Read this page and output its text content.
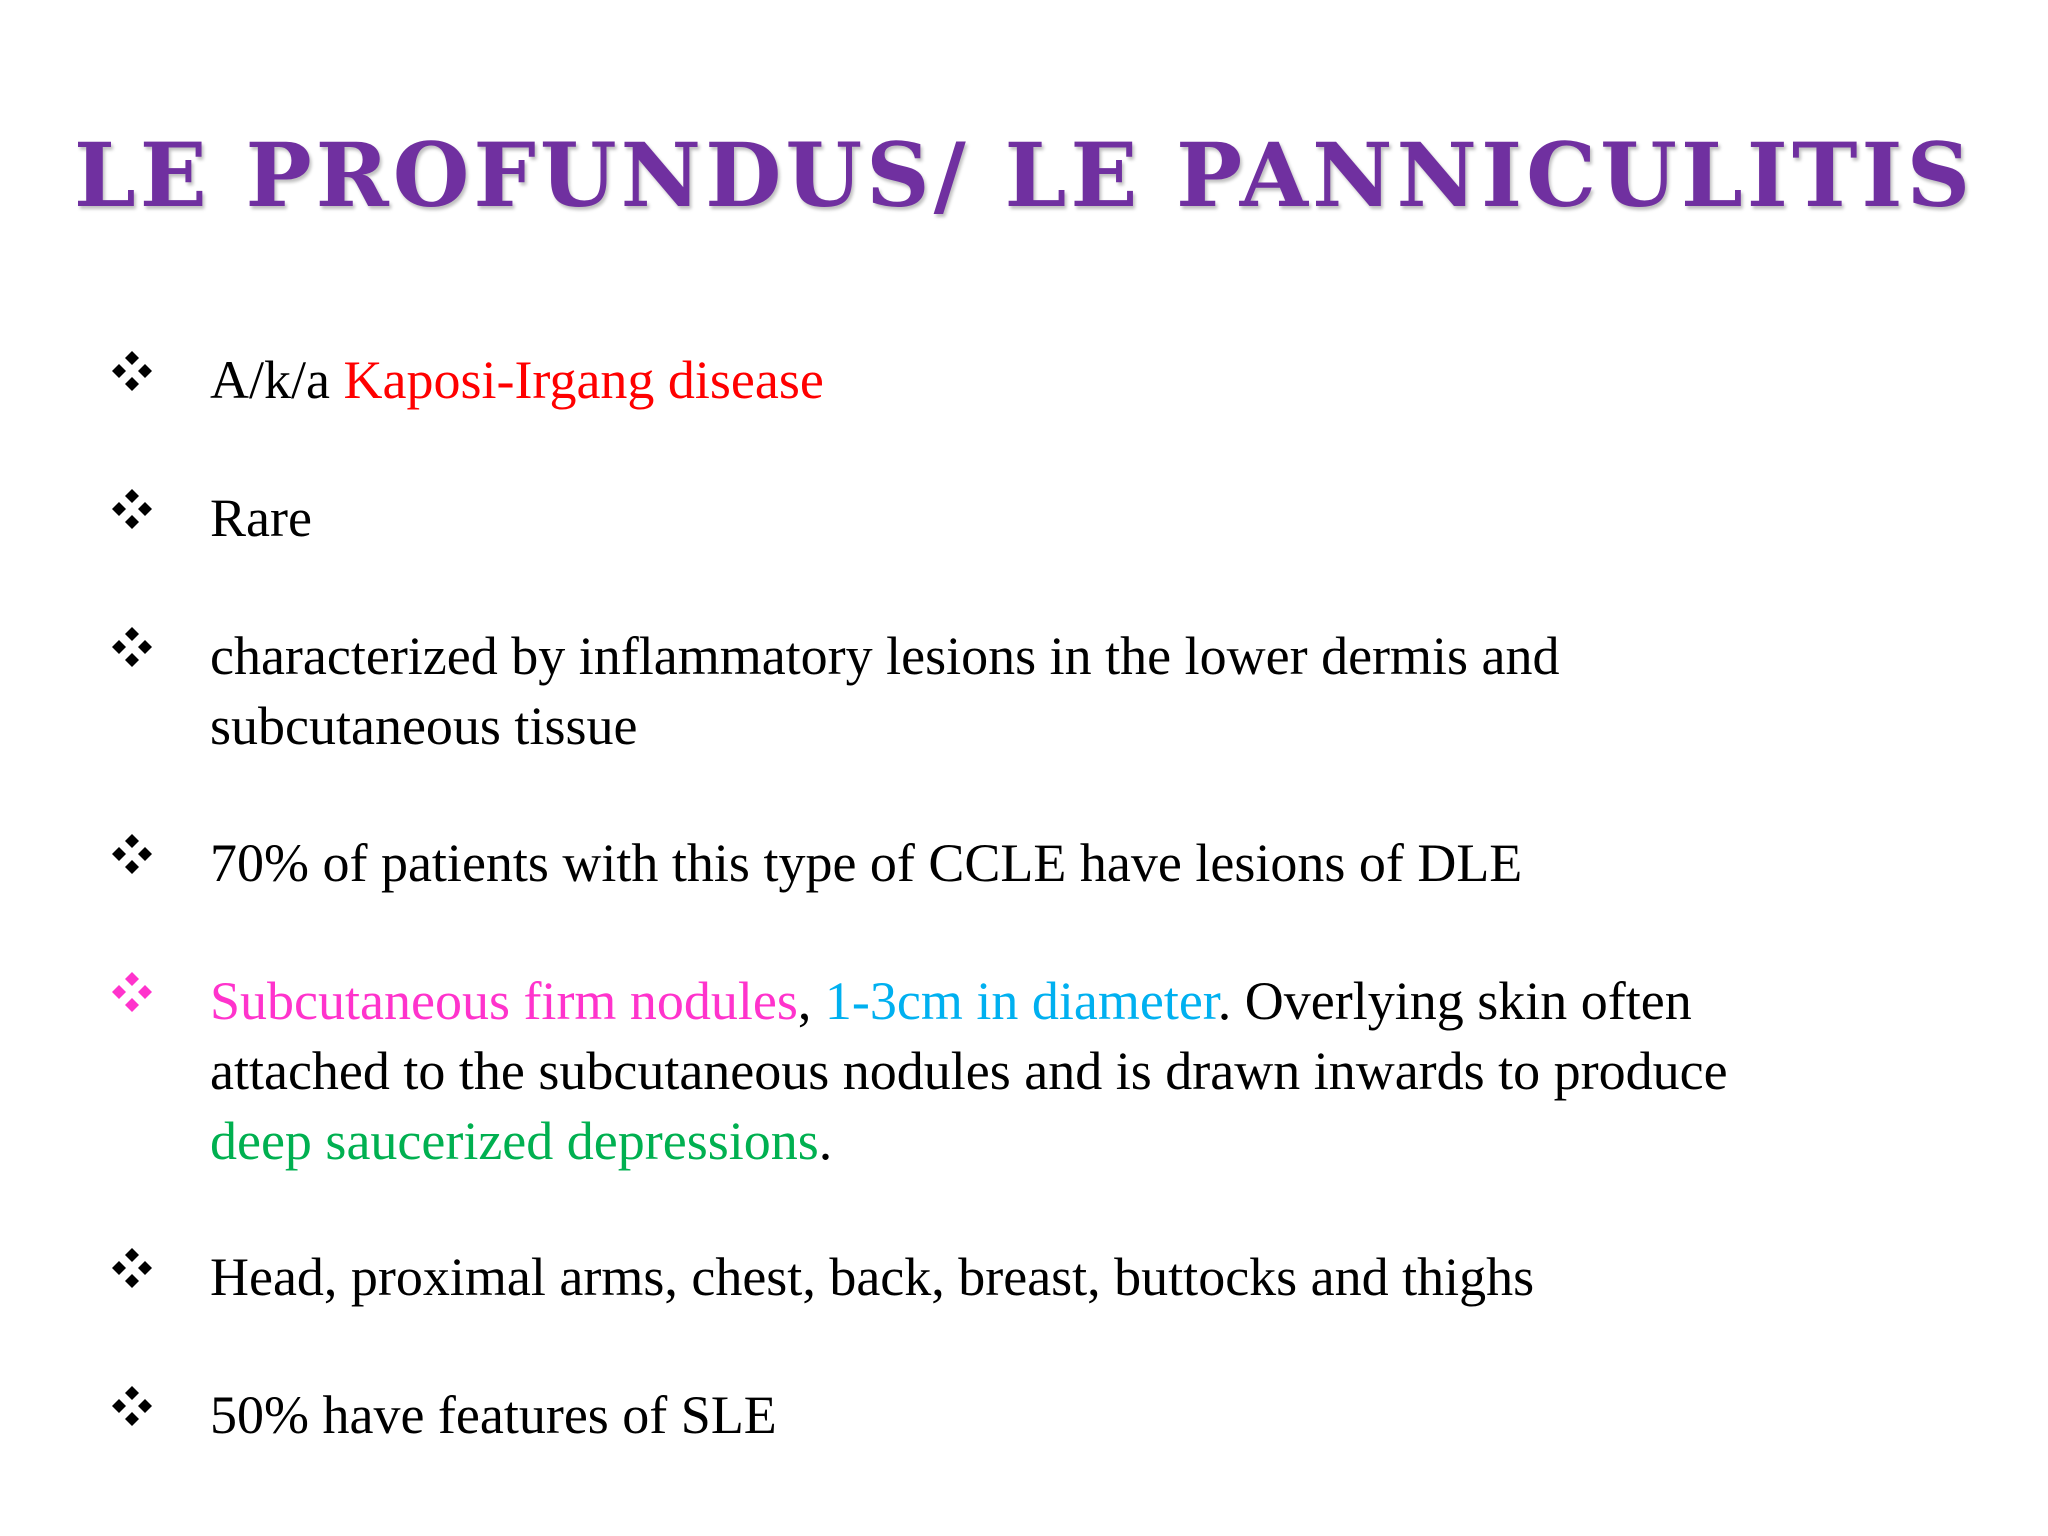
LE PROFUNDUS/ LE PANNICULITIS
A/k/a Kaposi-Irgang disease
Rare
characterized by inflammatory lesions in the lower dermis and
subcutaneous tissue
70% of patients with this type of CCLE have lesions of DLE
Subcutaneous firm nodules, 1-3cm in diameter. Overlying skin often
attached to the subcutaneous nodules and is drawn inwards to produce
deep saucerized depressions.
Head, proximal arms, chest, back, breast, buttocks and thighs
50% have features of SLE
